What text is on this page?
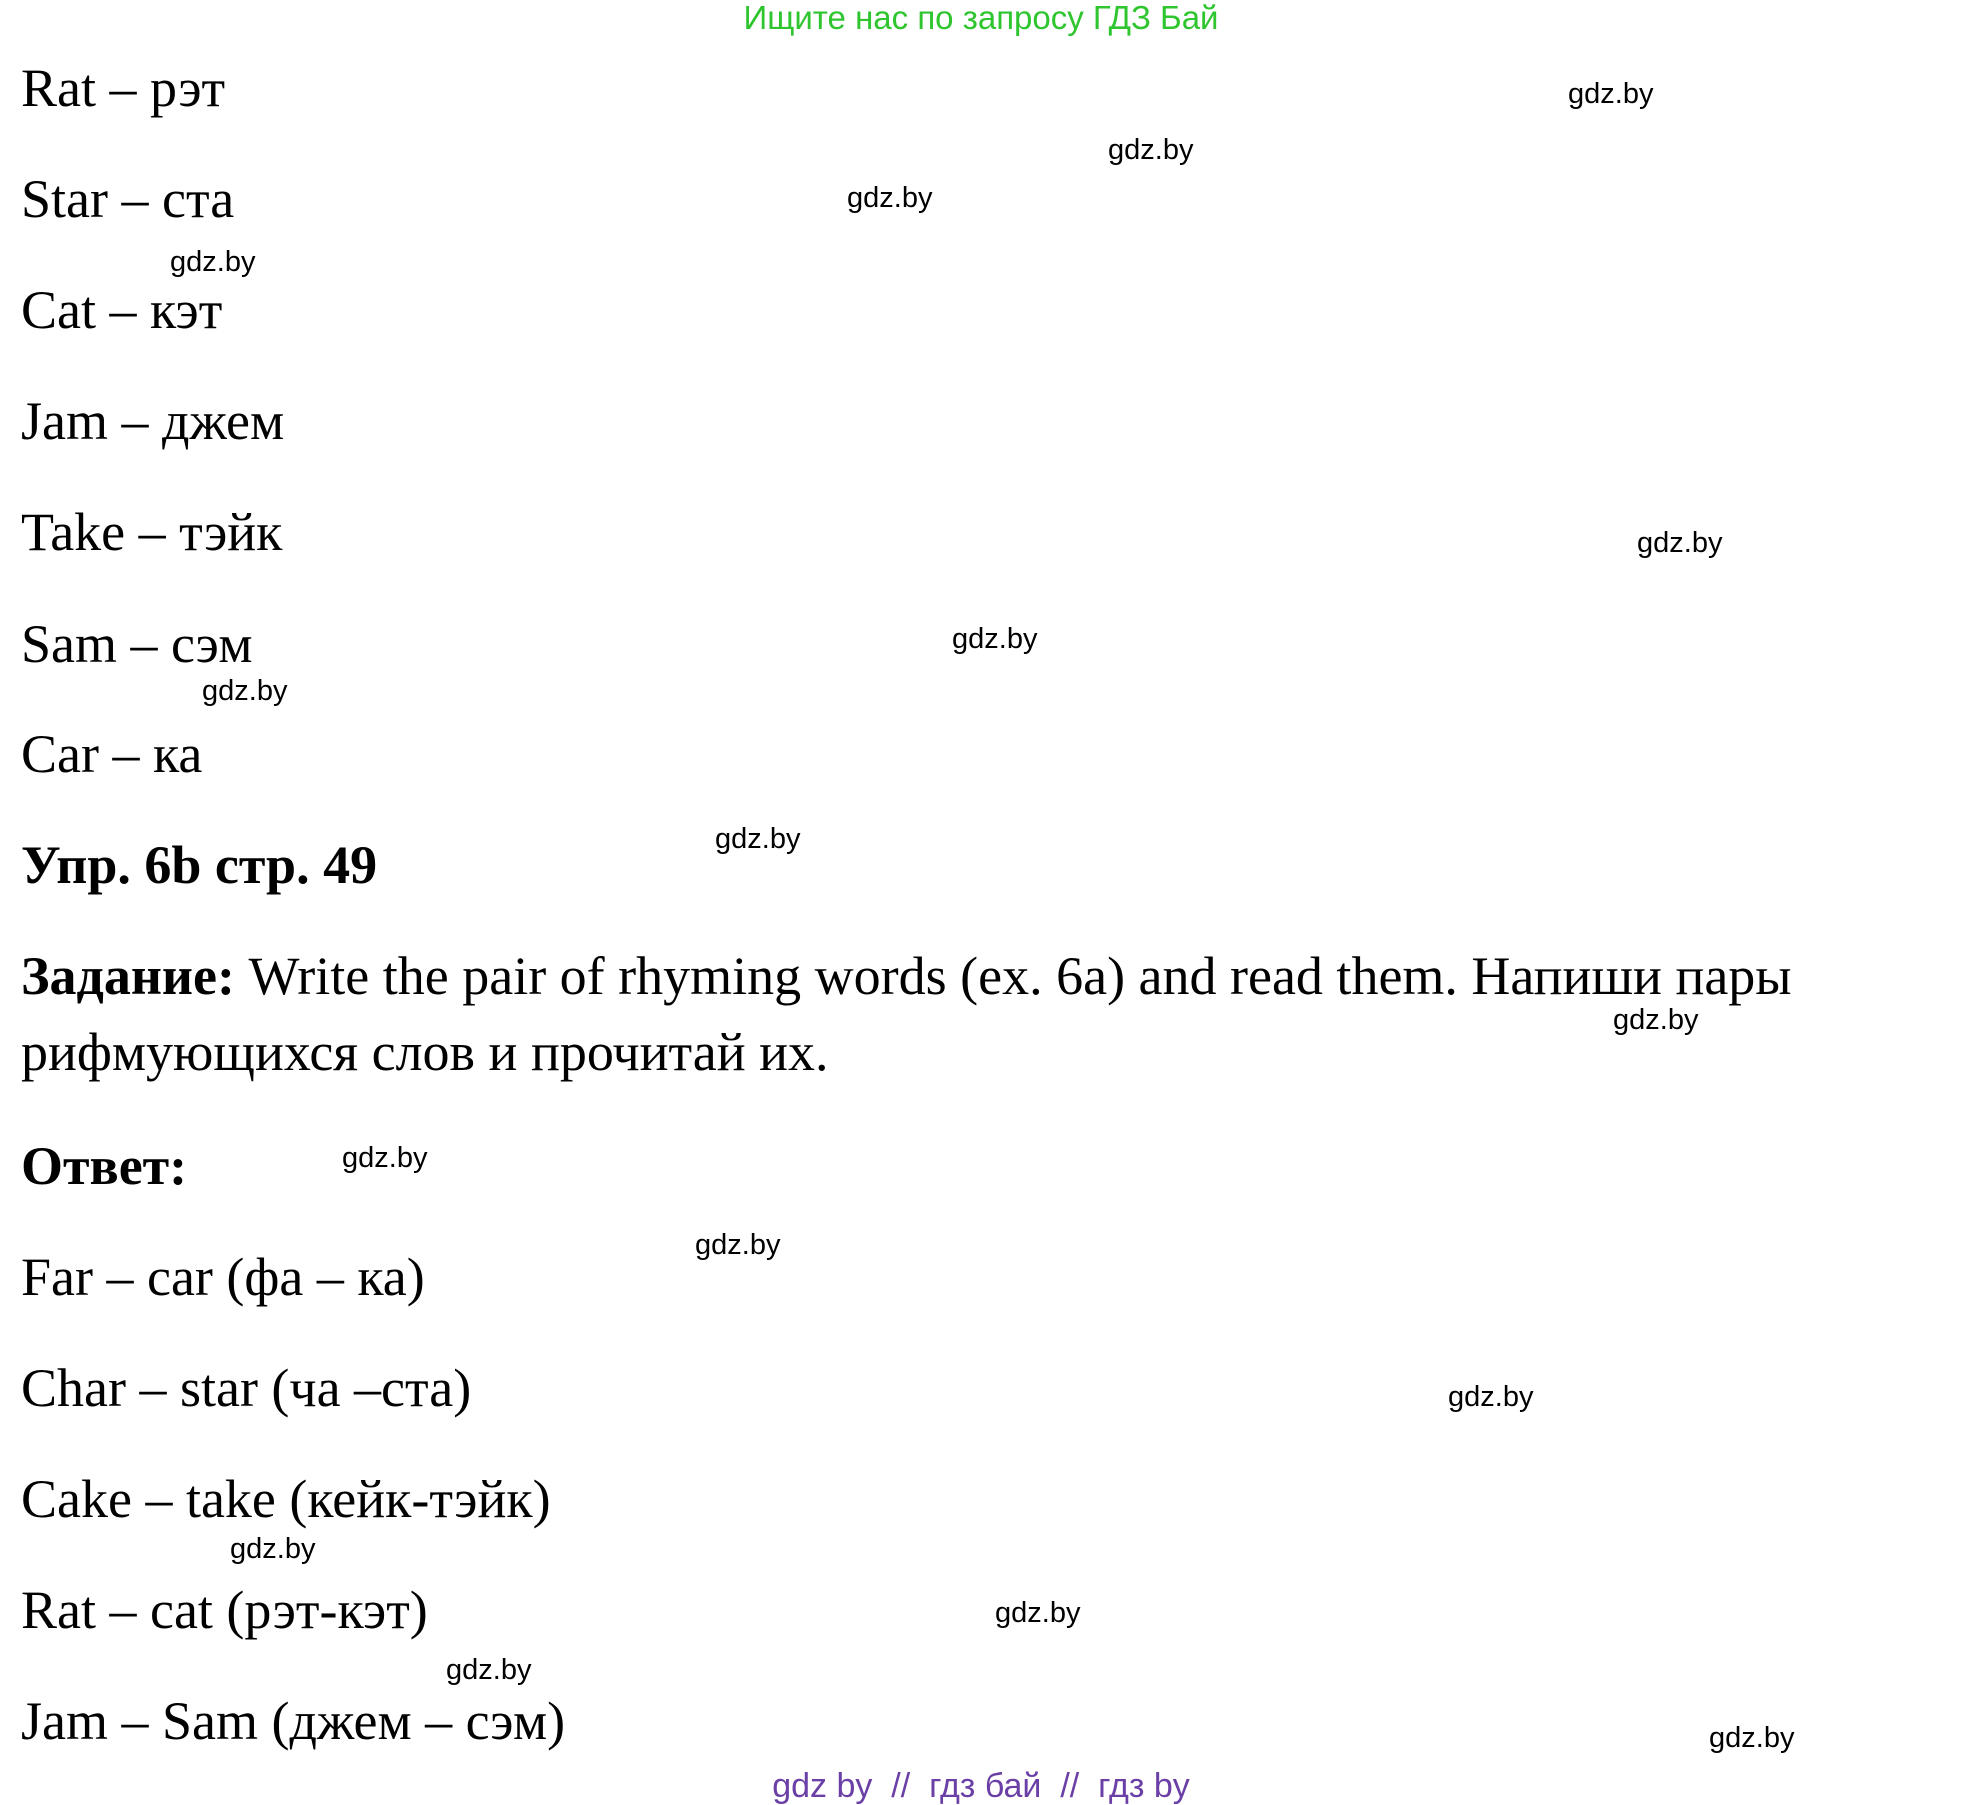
Ищите нас по запросу ГДЗ Бай
Rat – рэт
Star – ста
Cat – кэт
Jam – джем
Take – тэйк
Sam – сэм
Car – ка
Упр. 6b стр. 49
Задание: Write the pair of rhyming words (ex. 6a) and read them. Напиши пары
рифмующихся слов и прочитай их.
Ответ:
Far – car (фа – ка)
Char – star (ча –ста)
Cake – take (кейк-тэйк)
Rat – cat (рэт-кэт)
Jam – Sam (джем – сэм)
gdz.by
gdz.by
gdz.by
gdz.by
gdz.by
gdz.by
gdz.by
gdz.by
gdz.by
gdz.by
gdz.by
gdz.by
gdz.by
gdz.by
gdz.by
gdz.by
gdz by  //  гдз бай  //  гдз by
